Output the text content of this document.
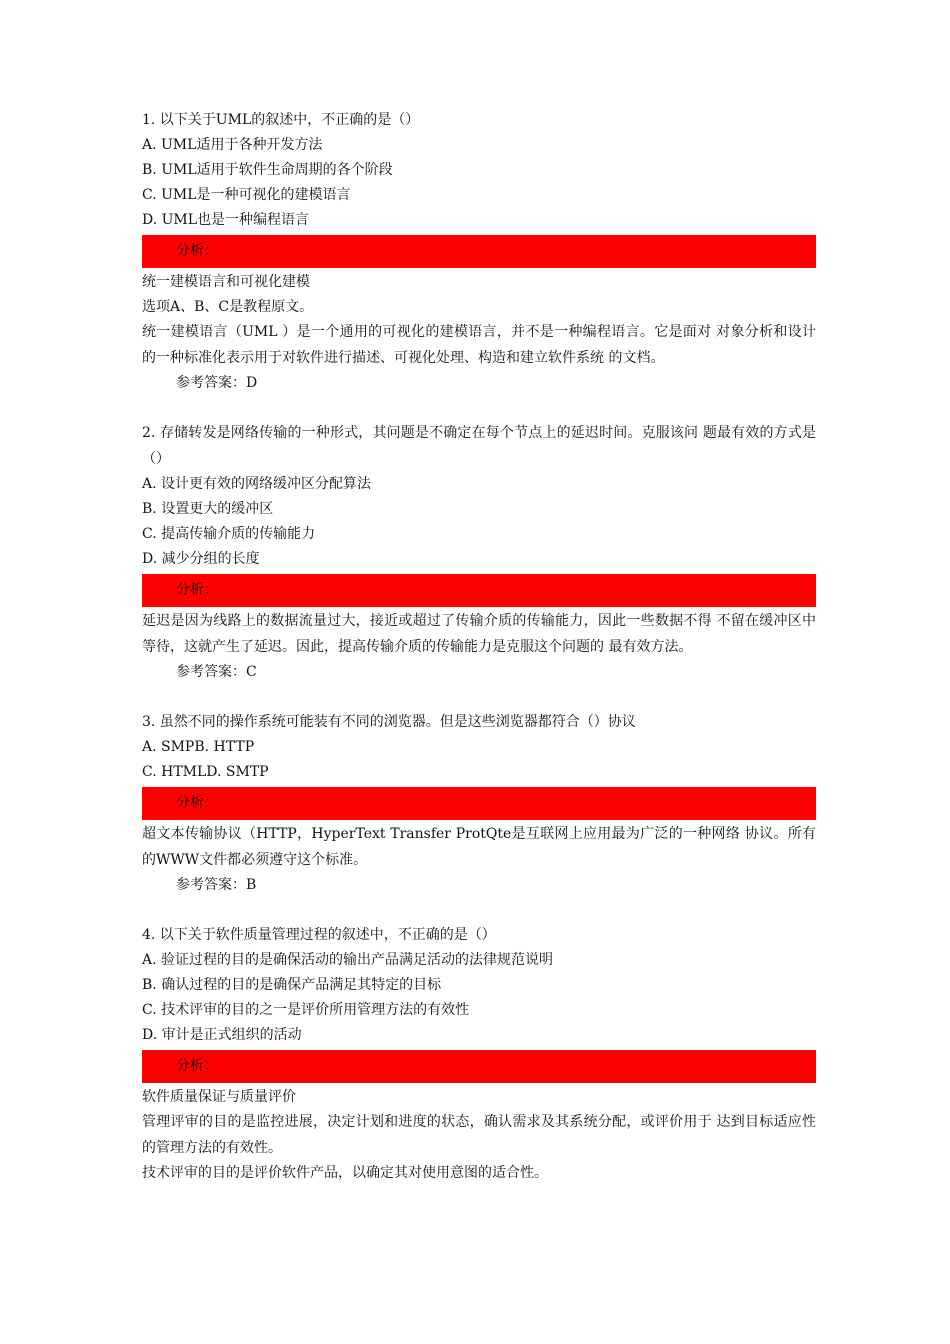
1. 以下关于UML的叙述中，不正确的是（）
A. UML适用于各种开发方法
B. UML适用于软件生命周期的各个阶段
C. UML是一种可视化的建模语言
D. UML也是一种编程语言
分析：
统一建模语言和可视化建模
选项A、B、C是教程原文。
统一建模语言（UML ）是一个通用的可视化的建模语言，并不是一种编程语言。它是面对 对象分析和设计的一种标准化表示用于对软件进行描述、可视化处理、构造和建立软件系统 的文档。
参考答案：D
2. 存储转发是网络传输的一种形式，其问题是不确定在每个节点上的延迟时间。克服该问 题最有效的方式是（）
A. 设计更有效的网络缓冲区分配算法
B. 设置更大的缓冲区
C. 提高传输介质的传输能力
D. 减少分组的长度
分析：
延迟是因为线路上的数据流量过大，接近或超过了传输介质的传输能力，因此一些数据不得 不留在缓冲区中等待，这就产生了延迟。因此，提高传输介质的传输能力是克服这个问题的 最有效方法。
参考答案：C
3. 虽然不同的操作系统可能装有不同的浏览器。但是这些浏览器都符合（）协议
A. SMPB. HTTP
C. HTMLD. SMTP
分析：
超文本传输协议（HTTP，HyperText Transfer ProtQte是互联网上应用最为广泛的一种网络 协议。所有的WWW文件都必须遵守这个标准。
参考答案：B
4. 以下关于软件质量管理过程的叙述中，不正确的是（）
A. 验证过程的目的是确保活动的输出产品满足活动的法律规范说明
B. 确认过程的目的是确保产品满足其特定的目标
C. 技术评审的目的之一是评价所用管理方法的有效性
D. 审计是正式组织的活动
分析：
软件质量保证与质量评价
管理评审的目的是监控进展，决定计划和进度的状态，确认需求及其系统分配，或评价用于 达到目标适应性的管理方法的有效性。
技术评审的目的是评价软件产品，以确定其对使用意图的适合性。
